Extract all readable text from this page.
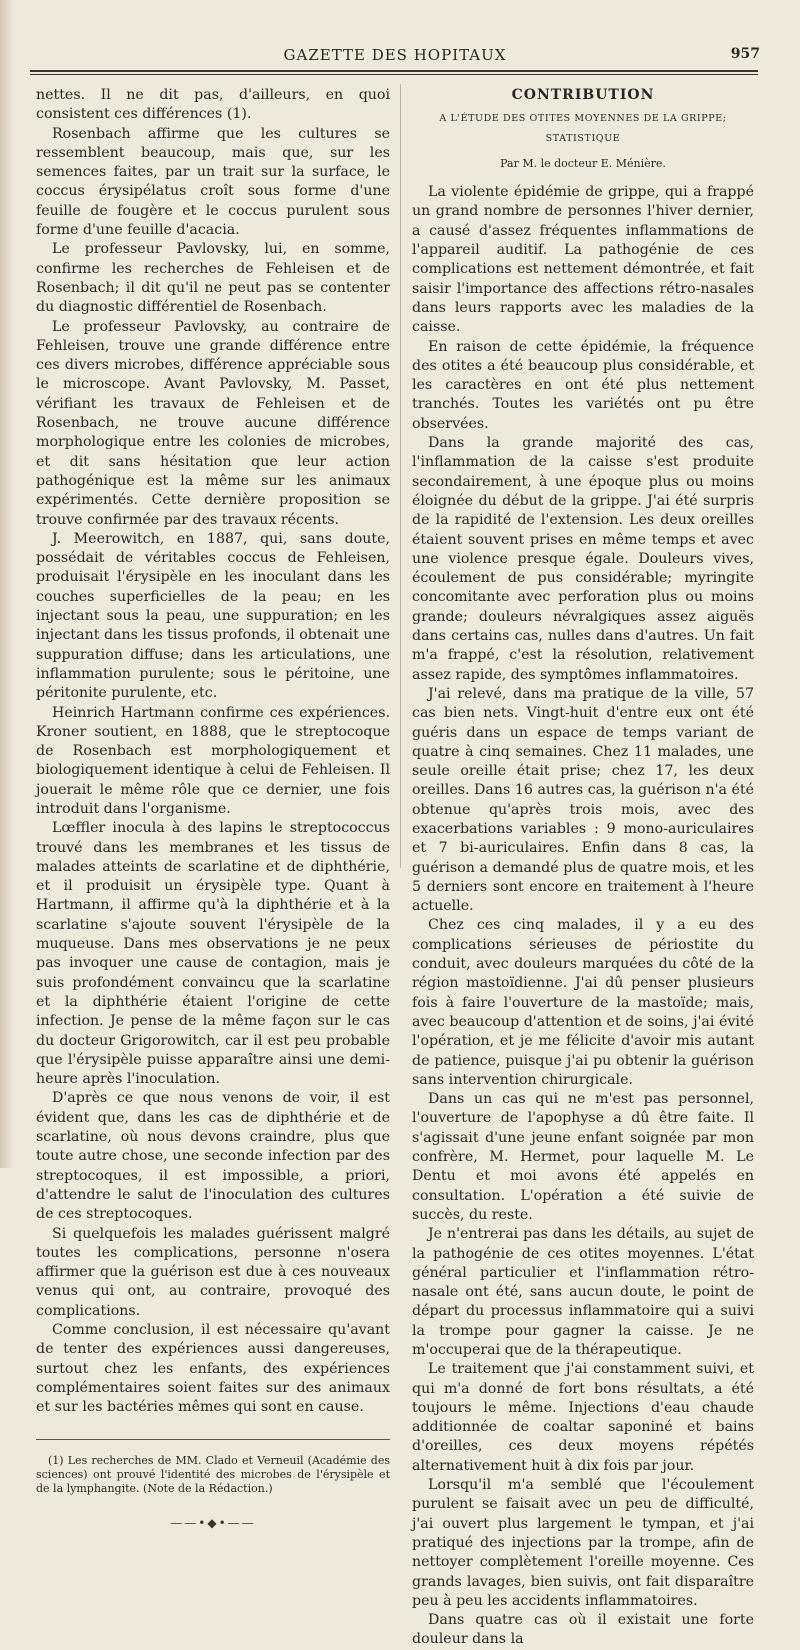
GAZETTE DES HOPITAUX	957

nettes. Il ne dit pas, d'ailleurs, en quoi consistent ces différences (1).

Rosenbach affirme que les cultures se ressemblent beaucoup, mais que, sur les semences faites, par un trait sur la surface, le coccus érysipélatus croît sous forme d'une feuille de fougère et le coccus purulent sous forme d'une feuille d'acacia.

Le professeur Pavlovsky, lui, en somme, confirme les recherches de Fehleisen et de Rosenbach; il dit qu'il ne peut pas se contenter du diagnostic différentiel de Rosenbach.

Le professeur Pavlovsky, au contraire de Fehleisen, trouve une grande différence entre ces divers microbes, différence appréciable sous le microscope. Avant Pavlovsky, M. Passet, vérifiant les travaux de Fehleisen et de Rosenbach, ne trouve aucune différence morphologique entre les colonies de microbes, et dit sans hésitation que leur action pathogénique est la même sur les animaux expérimentés. Cette dernière proposition se trouve confirmée par des travaux récents.

J. Meerowitch, en 1887, qui, sans doute, possédait de véritables coccus de Fehleisen, produisait l'érysipèle en les inoculant dans les couches superficielles de la peau; en les injectant sous la peau, une suppuration; en les injectant dans les tissus profonds, il obtenait une suppuration diffuse; dans les articulations, une inflammation purulente; sous le péritoine, une péritonite purulente, etc.

Heinrich Hartmann confirme ces expériences. Kroner soutient, en 1888, que le streptocoque de Rosenbach est morphologiquement et biologiquement identique à celui de Fehleisen. Il jouerait le même rôle que ce dernier, une fois introduit dans l'organisme.

Lœffler inocula à des lapins le streptococcus trouvé dans les membranes et les tissus de malades atteints de scarlatine et de diphthérie, et il produisit un érysipèle type. Quant à Hartmann, il affirme qu'à la diphthérie et à la scarlatine s'ajoute souvent l'érysipèle de la muqueuse. Dans mes observations je ne peux pas invoquer une cause de contagion, mais je suis profondément convaincu que la scarlatine et la diphthérie étaient l'origine de cette infection. Je pense de la même façon sur le cas du docteur Grigorowitch, car il est peu probable que l'érysipèle puisse apparaître ainsi une demi-heure après l'inoculation.

D'après ce que nous venons de voir, il est évident que, dans les cas de diphthérie et de scarlatine, où nous devons craindre, plus que toute autre chose, une seconde infection par des streptocoques, il est impossible, a priori, d'attendre le salut de l'inoculation des cultures de ces streptocoques.

Si quelquefois les malades guérissent malgré toutes les complications, personne n'osera affirmer que la guérison est due à ces nouveaux venus qui ont, au contraire, provoqué des complications.

Comme conclusion, il est nécessaire qu'avant de tenter des expériences aussi dangereuses, surtout chez les enfants, des expériences complémentaires soient faites sur des animaux et sur les bactéries mêmes qui sont en cause.

(1) Les recherches de MM. Clado et Verneuil (Académie des sciences) ont prouvé l'identité des microbes de l'érysipèle et de la lymphangite. (Note de la Rédaction.)

——•◆•——

CONTRIBUTION

A L'ÉTUDE DES OTITES MOYENNES DE LA GRIPPE; STATISTIQUE

Par M. le docteur E. Ménière.

La violente épidémie de grippe, qui a frappé un grand nombre de personnes l'hiver dernier, a causé d'assez fréquentes inflammations de l'appareil auditif. La pathogénie de ces complications est nettement démontrée, et fait saisir l'importance des affections rétro-nasales dans leurs rapports avec les maladies de la caisse.

En raison de cette épidémie, la fréquence des otites a été beaucoup plus considérable, et les caractères en ont été plus nettement tranchés. Toutes les variétés ont pu être observées.

Dans la grande majorité des cas, l'inflammation de la caisse s'est produite secondairement, à une époque plus ou moins éloignée du début de la grippe. J'ai été surpris de la rapidité de l'extension. Les deux oreilles étaient souvent prises en même temps et avec une violence presque égale. Douleurs vives, écoulement de pus considérable; myringite concomitante avec perforation plus ou moins grande; douleurs névralgiques assez aiguës dans certains cas, nulles dans d'autres. Un fait m'a frappé, c'est la résolution, relativement assez rapide, des symptômes inflammatoires.

J'ai relevé, dans ma pratique de la ville, 57 cas bien nets. Vingt-huit d'entre eux ont été guéris dans un espace de temps variant de quatre à cinq semaines. Chez 11 malades, une seule oreille était prise; chez 17, les deux oreilles. Dans 16 autres cas, la guérison n'a été obtenue qu'après trois mois, avec des exacerbations variables : 9 mono-auriculaires et 7 bi-auriculaires. Enfin dans 8 cas, la guérison a demandé plus de quatre mois, et les 5 derniers sont encore en traitement à l'heure actuelle.

Chez ces cinq malades, il y a eu des complications sérieuses de périostite du conduit, avec douleurs marquées du côté de la région mastoïdienne. J'ai dû penser plusieurs fois à faire l'ouverture de la mastoïde; mais, avec beaucoup d'attention et de soins, j'ai évité l'opération, et je me félicite d'avoir mis autant de patience, puisque j'ai pu obtenir la guérison sans intervention chirurgicale.

Dans un cas qui ne m'est pas personnel, l'ouverture de l'apophyse a dû être faite. Il s'agissait d'une jeune enfant soignée par mon confrère, M. Hermet, pour laquelle M. Le Dentu et moi avons été appelés en consultation. L'opération a été suivie de succès, du reste.

Je n'entrerai pas dans les détails, au sujet de la pathogénie de ces otites moyennes. L'état général particulier et l'inflammation rétro-nasale ont été, sans aucun doute, le point de départ du processus inflammatoire qui a suivi la trompe pour gagner la caisse. Je ne m'occuperai que de la thérapeutique.

Le traitement que j'ai constamment suivi, et qui m'a donné de fort bons résultats, a été toujours le même. Injections d'eau chaude additionnée de coaltar saponiné et bains d'oreilles, ces deux moyens répétés alternativement huit à dix fois par jour.

Lorsqu'il m'a semblé que l'écoulement purulent se faisait avec un peu de difficulté, j'ai ouvert plus largement le tympan, et j'ai pratiqué des injections par la trompe, afin de nettoyer complètement l'oreille moyenne. Ces grands lavages, bien suivis, ont fait disparaître peu à peu les accidents inflammatoires.

Dans quatre cas où il existait une forte douleur dans la
